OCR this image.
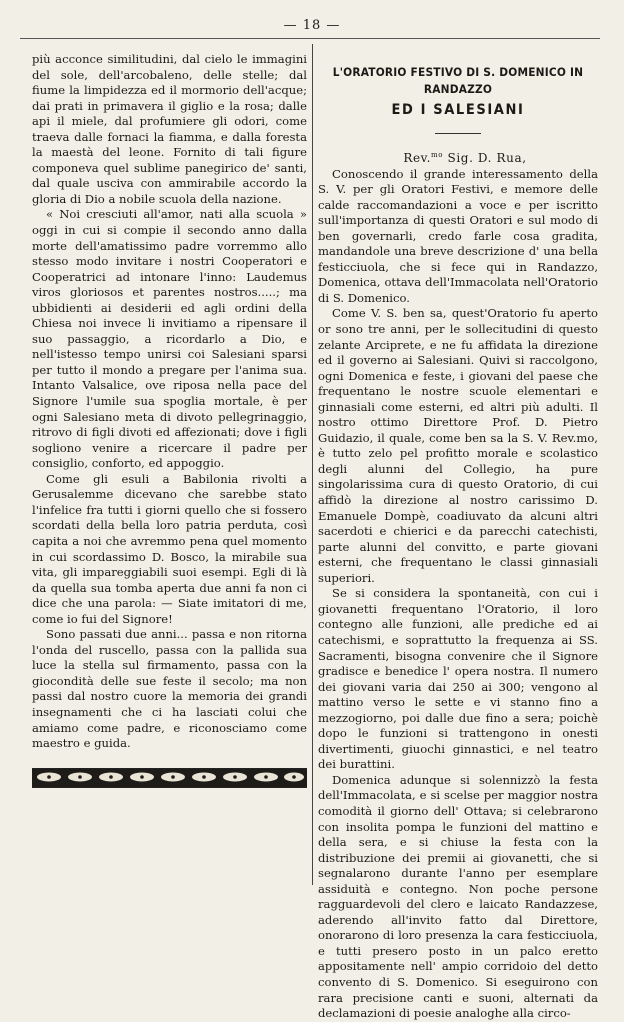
— 18 —

più acconce similitudini, dal cielo le immagini del sole, dell'arcobaleno, delle stelle; dal fiume la limpidezza ed il mormorio dell'acque; dai prati in primavera il giglio e la rosa; dalle api il miele, dal profumiere gli odori, come traeva dalle fornaci la fiamma, e dalla foresta la maestà del leone. Fornito di tali figure componeva quel sublime panegirico de' santi, dal quale usciva con ammirabile accordo la gloria di Dio a nobile scuola della nazione.

« Noi cresciuti all'amor, nati alla scuola » oggi in cui si compie il secondo anno dalla morte dell'amatissimo padre vorremmo allo stesso modo invitare i nostri Cooperatori e Cooperatrici ad intonare l'inno: Laudemus viros gloriosos et parentes nostros.....; ma ubbidienti ai desiderii ed agli ordini della Chiesa noi invece li invitiamo a ripensare il suo passaggio, a ricordarlo a Dio, e nell'istesso tempo unirsi coi Salesiani sparsi per tutto il mondo a pregare per l'anima sua. Intanto Valsalice, ove riposa nella pace del Signore l'umile sua spoglia mortale, è per ogni Salesiano meta di divoto pellegrinaggio, ritrovo di figli divoti ed affezionati; dove i figli sogliono venire a ricercare il padre per consiglio, conforto, ed appoggio.

Come gli esuli a Babilonia rivolti a Gerusalemme dicevano che sarebbe stato l'infelice fra tutti i giorni quello che si fossero scordati della bella loro patria perduta, così capita a noi che avremmo pena quel momento in cui scordassimo D. Bosco, la mirabile sua vita, gli impareggiabili suoi esempi. Egli di là da quella sua tomba aperta due anni fa non ci dice che una parola: — Siate imitatori di me, come io fui del Signore!

Sono passati due anni... passa e non ritorna l'onda del ruscello, passa con la pallida sua luce la stella sul firmamento, passa con la giocondità delle sue feste il secolo; ma non passi dal nostro cuore la memoria dei grandi insegnamenti che ci ha lasciati colui che amiamo come padre, e riconosciamo come maestro e guida.

L'ORATORIO FESTIVO DI S. DOMENICO IN RANDAZZO
ED I SALESIANI

Rev.$^{mo}$ Sig. D. Rua,

Conoscendo il grande interessamento della S. V. per gli Oratori Festivi, e memore delle calde raccomandazioni a voce e per iscritto sull'importanza di questi Oratori e sul modo di ben governarli, credo farle cosa gradita, mandandole una breve descrizione d' una bella festicciuola, che si fece qui in Randazzo, Domenica, ottava dell'Immacolata nell'Oratorio di S. Domenico.

Come V. S. ben sa, quest'Oratorio fu aperto or sono tre anni, per le sollecitudini di questo zelante Arciprete, e ne fu affidata la direzione ed il governo ai Salesiani. Quivi si raccolgono, ogni Domenica e feste, i giovani del paese che frequentano le nostre scuole elementari e ginnasiali come esterni, ed altri più adulti. Il nostro ottimo Direttore Prof. D. Pietro Guidazio, il quale, come ben sa la S. V. Rev.mo, è tutto zelo pel profitto morale e scolastico degli alunni del Collegio, ha pure singolarissima cura di questo Oratorio, di cui affidò la direzione al nostro carissimo D. Emanuele Dompè, coadiuvato da alcuni altri sacerdoti e chierici e da parecchi catechisti, parte alunni del convitto, e parte giovani esterni, che frequentano le classi ginnasiali superiori.

Se si considera la spontaneità, con cui i giovanetti frequentano l'Oratorio, il loro contegno alle funzioni, alle prediche ed ai catechismi, e soprattutto la frequenza ai SS. Sacramenti, bisogna convenire che il Signore gradisce e benedice l' opera nostra. Il numero dei giovani varia dai 250 ai 300; vengono al mattino verso le sette e vi stanno fino a mezzogiorno, poi dalle due fino a sera; poichè dopo le funzioni si trattengono in onesti divertimenti, giuochi ginnastici, e nel teatro dei burattini.

Domenica adunque si solennizzò la festa dell'Immacolata, e si scelse per maggior nostra comodità il giorno dell' Ottava; si celebrarono con insolita pompa le funzioni del mattino e della sera, e si chiuse la festa con la distribuzione dei premii ai giovanetti, che si segnalarono durante l'anno per esemplare assiduità e contegno. Non poche persone ragguardevoli del clero e laicato Randazzese, aderendo all'invito fatto dal Direttore, onorarono di loro presenza la cara festicciuola, e tutti presero posto in un palco eretto appositamente nell' ampio corridoio del detto convento di S. Domenico. Si eseguirono con rara precisione canti e suoni, alternati da declamazioni di poesie analoghe alla circo-
